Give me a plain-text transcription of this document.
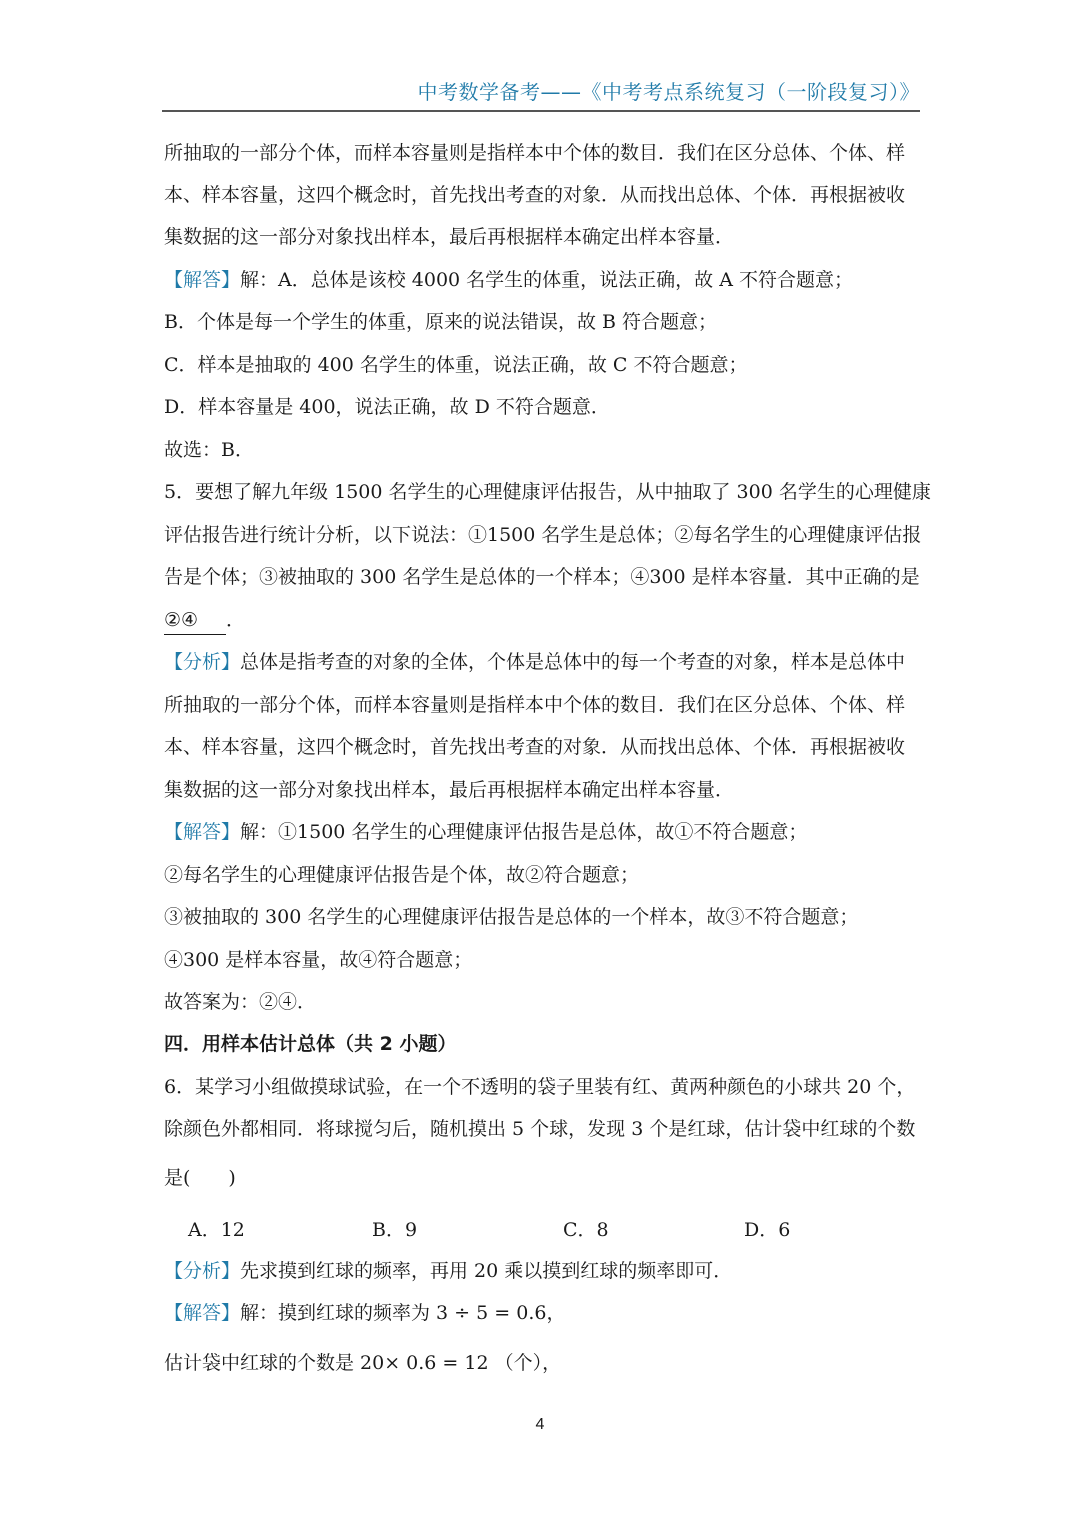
中考数学备考——《中考考点系统复习（一阶段复习）》
所抽取的一部分个体，而样本容量则是指样本中个体的数目．我们在区分总体、个体、样
本、样本容量，这四个概念时，首先找出考查的对象．从而找出总体、个体．再根据被收
集数据的这一部分对象找出样本，最后再根据样本确定出样本容量．
【解答】解：A．总体是该校 4000 名学生的体重，说法正确，故 A 不符合题意；
B．个体是每一个学生的体重，原来的说法错误，故 B 符合题意；
C．样本是抽取的 400 名学生的体重，说法正确，故 C 不符合题意；
D．样本容量是 400，说法正确，故 D 不符合题意．
故选：B．
5．要想了解九年级 1500 名学生的心理健康评估报告，从中抽取了 300 名学生的心理健康
评估报告进行统计分析，以下说法：①1500 名学生是总体；②每名学生的心理健康评估报
告是个体；③被抽取的 300 名学生是总体的一个样本；④300 是样本容量．其中正确的是
②④ ．
【分析】总体是指考查的对象的全体，个体是总体中的每一个考查的对象，样本是总体中
所抽取的一部分个体，而样本容量则是指样本中个体的数目．我们在区分总体、个体、样
本、样本容量，这四个概念时，首先找出考查的对象．从而找出总体、个体．再根据被收
集数据的这一部分对象找出样本，最后再根据样本确定出样本容量．
【解答】解：①1500 名学生的心理健康评估报告是总体，故①不符合题意；
②每名学生的心理健康评估报告是个体，故②符合题意；
③被抽取的 300 名学生的心理健康评估报告是总体的一个样本，故③不符合题意；
④300 是样本容量，故④符合题意；
故答案为：②④．
四．用样本估计总体（共 2 小题）
6．某学习小组做摸球试验，在一个不透明的袋子里装有红、黄两种颜色的小球共 20 个，
除颜色外都相同．将球搅匀后，随机摸出 5 个球，发现 3 个是红球，估计袋中红球的个数
是(　　)
A．12	B．9	C．8	D．6
【分析】先求摸到红球的频率，再用 20 乘以摸到红球的频率即可．
【解答】解：摸到红球的频率为 3 ÷ 5 = 0.6，
估计袋中红球的个数是 20× 0.6 = 12 （个），
4
